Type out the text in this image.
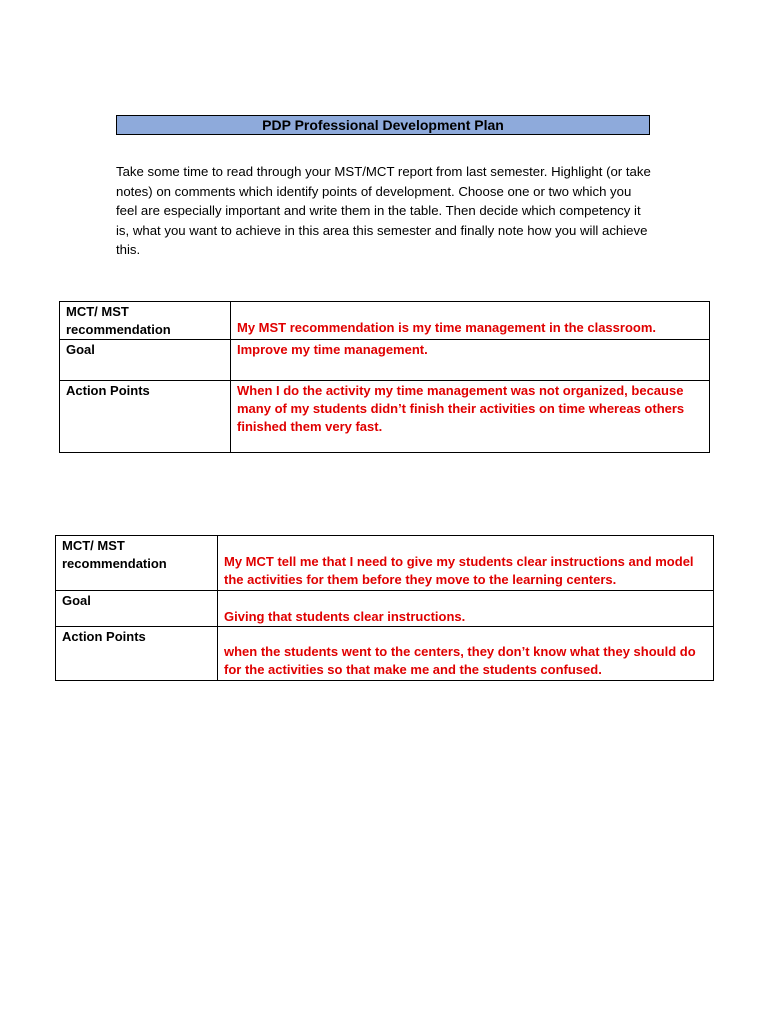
PDP Professional Development Plan

Take some time to read through your MST/MCT report from last semester. Highlight (or take notes) on comments which identify points of development. Choose one or two which you feel are especially important and write them in the table. Then decide which competency it is, what you want to achieve in this area this semester and finally note how you will achieve this.

MCT/ MST
recommendation	My MST recommendation is my time management in the classroom.

Goal	Improve my time management.

Action Points	When I do the activity my time management was not organized, because many of my students didn’t finish their activities on time whereas others finished them very fast.
MCT/ MST
recommendation	My MCT tell me that I need to give my students clear instructions and model the activities for them before they move to the learning centers.

Goal	Giving that students clear instructions.

Action Points	when the students went to the centers, they don’t know what they should do for the activities so that make me and the students confused.
